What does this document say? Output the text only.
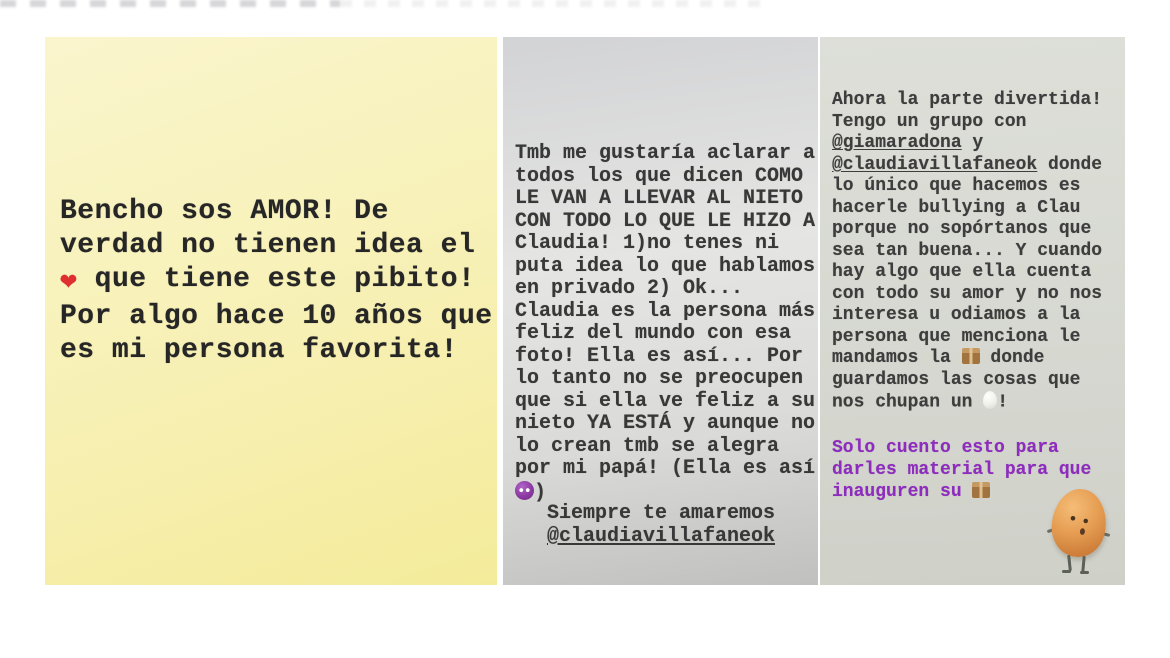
Bencho sos AMOR! De
verdad no tienen idea el
❤  que tiene este pibito!
Por algo hace 10 años que
es mi persona favorita!
Tmb me gustaría aclarar a
todos los que dicen COMO
LE VAN A LLEVAR AL NIETO
CON TODO LO QUE LE HIZO A
Claudia! 1)no tenes ni
puta idea lo que hablamos
en privado 2) Ok...
Claudia es la persona más
feliz del mundo con esa
foto! Ella es así... Por
lo tanto no se preocupen
que si ella ve feliz a su
nieto YA ESTÁ y aunque no
lo crean tmb se alegra
por mi papá! (Ella es así
)
Siempre te amaremos
@claudiavillafaneok
Ahora la parte divertida!
Tengo un grupo con
@giamaradona y
@claudiavillafaneok donde
lo único que hacemos es
hacerle bullying a Clau
porque no sopórtanos que
sea tan buena... Y cuando
hay algo que ella cuenta
con todo su amor y no nos
interesa u odiamos a la
persona que menciona le
mandamos la  donde
guardamos las cosas que
nos chupan un !
Solo cuento esto para
darles material para que
inauguren su
